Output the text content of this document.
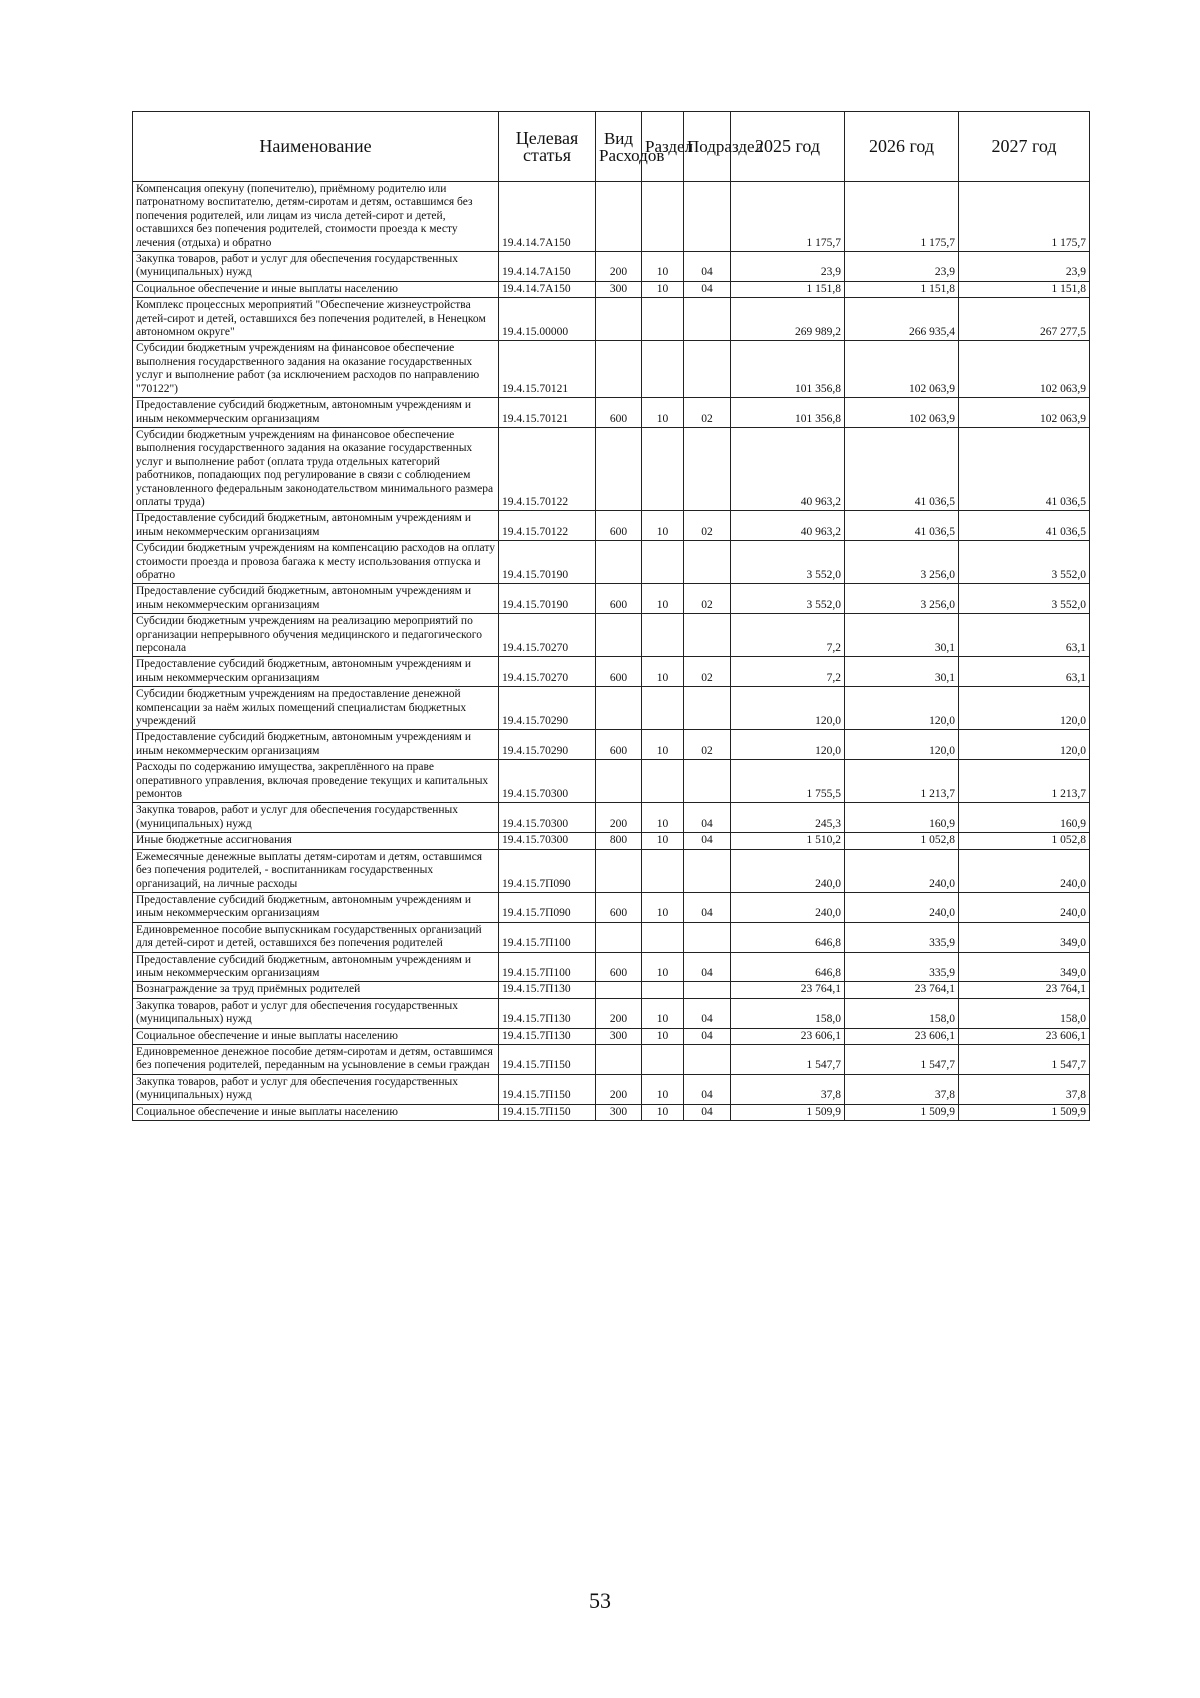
Наименование	Целевая статья	Вид Расходов	Раздел	Подраздел	2025 год	2026 год	2027 год

Компенсация опекуну (попечителю), приёмному родителю или патронатному воспитателю, детям-сиротам и детям, оставшимся без попечения родителей, или лицам из числа детей-сирот и детей, оставшихся без попечения родителей, стоимости проезда к месту лечения (отдыха) и обратно	19.4.14.7А150				1 175,7	1 175,7	1 175,7

Закупка товаров, работ и услуг для обеспечения государственных (муниципальных) нужд	19.4.14.7А150	200	10	04	23,9	23,9	23,9

Социальное обеспечение и иные выплаты населению	19.4.14.7А150	300	10	04	1 151,8	1 151,8	1 151,8

Комплекс процессных мероприятий "Обеспечение жизнеустройства детей-сирот и детей, оставшихся без попечения родителей, в Ненецком автономном округе"	19.4.15.00000				269 989,2	266 935,4	267 277,5

Субсидии бюджетным учреждениям на финансовое обеспечение выполнения государственного задания на оказание государственных услуг и выполнение работ (за исключением расходов по направлению "70122")	19.4.15.70121				101 356,8	102 063,9	102 063,9

Предоставление субсидий бюджетным, автономным учреждениям и иным некоммерческим организациям	19.4.15.70121	600	10	02	101 356,8	102 063,9	102 063,9

Субсидии бюджетным учреждениям на финансовое обеспечение выполнения государственного задания на оказание государственных услуг и выполнение работ (оплата труда отдельных категорий работников, попадающих под регулирование в связи с соблюдением установленного федеральным законодательством минимального размера оплаты труда)	19.4.15.70122				40 963,2	41 036,5	41 036,5

Предоставление субсидий бюджетным, автономным учреждениям и иным некоммерческим организациям	19.4.15.70122	600	10	02	40 963,2	41 036,5	41 036,5

Субсидии бюджетным учреждениям на компенсацию расходов на оплату стоимости проезда и провоза багажа к месту использования отпуска и обратно	19.4.15.70190				3 552,0	3 256,0	3 552,0

Предоставление субсидий бюджетным, автономным учреждениям и иным некоммерческим организациям	19.4.15.70190	600	10	02	3 552,0	3 256,0	3 552,0

Субсидии бюджетным учреждениям на реализацию мероприятий по организации непрерывного обучения медицинского и педагогического персонала	19.4.15.70270				7,2	30,1	63,1

Предоставление субсидий бюджетным, автономным учреждениям и иным некоммерческим организациям	19.4.15.70270	600	10	02	7,2	30,1	63,1

Субсидии бюджетным учреждениям на предоставление денежной компенсации за наём жилых помещений специалистам бюджетных учреждений	19.4.15.70290				120,0	120,0	120,0

Предоставление субсидий бюджетным, автономным учреждениям и иным некоммерческим организациям	19.4.15.70290	600	10	02	120,0	120,0	120,0

Расходы по содержанию имущества, закреплённого на праве оперативного управления, включая проведение текущих и капитальных ремонтов	19.4.15.70300				1 755,5	1 213,7	1 213,7

Закупка товаров, работ и услуг для обеспечения государственных (муниципальных) нужд	19.4.15.70300	200	10	04	245,3	160,9	160,9

Иные бюджетные ассигнования	19.4.15.70300	800	10	04	1 510,2	1 052,8	1 052,8

Ежемесячные денежные выплаты детям-сиротам и детям, оставшимся без попечения родителей, - воспитанникам государственных организаций, на личные расходы	19.4.15.7П090				240,0	240,0	240,0

Предоставление субсидий бюджетным, автономным учреждениям и иным некоммерческим организациям	19.4.15.7П090	600	10	04	240,0	240,0	240,0

Единовременное пособие выпускникам государственных организаций для детей-сирот и детей, оставшихся без попечения родителей	19.4.15.7П100				646,8	335,9	349,0

Предоставление субсидий бюджетным, автономным учреждениям и иным некоммерческим организациям	19.4.15.7П100	600	10	04	646,8	335,9	349,0

Вознаграждение за труд приёмных родителей	19.4.15.7П130				23 764,1	23 764,1	23 764,1

Закупка товаров, работ и услуг для обеспечения государственных (муниципальных) нужд	19.4.15.7П130	200	10	04	158,0	158,0	158,0

Социальное обеспечение и иные выплаты населению	19.4.15.7П130	300	10	04	23 606,1	23 606,1	23 606,1

Единовременное денежное пособие детям-сиротам и детям, оставшимся без попечения родителей, переданным на усыновление в семьи граждан	19.4.15.7П150				1 547,7	1 547,7	1 547,7

Закупка товаров, работ и услуг для обеспечения государственных (муниципальных) нужд	19.4.15.7П150	200	10	04	37,8	37,8	37,8

Социальное обеспечение и иные выплаты населению	19.4.15.7П150	300	10	04	1 509,9	1 509,9	1 509,9
53
